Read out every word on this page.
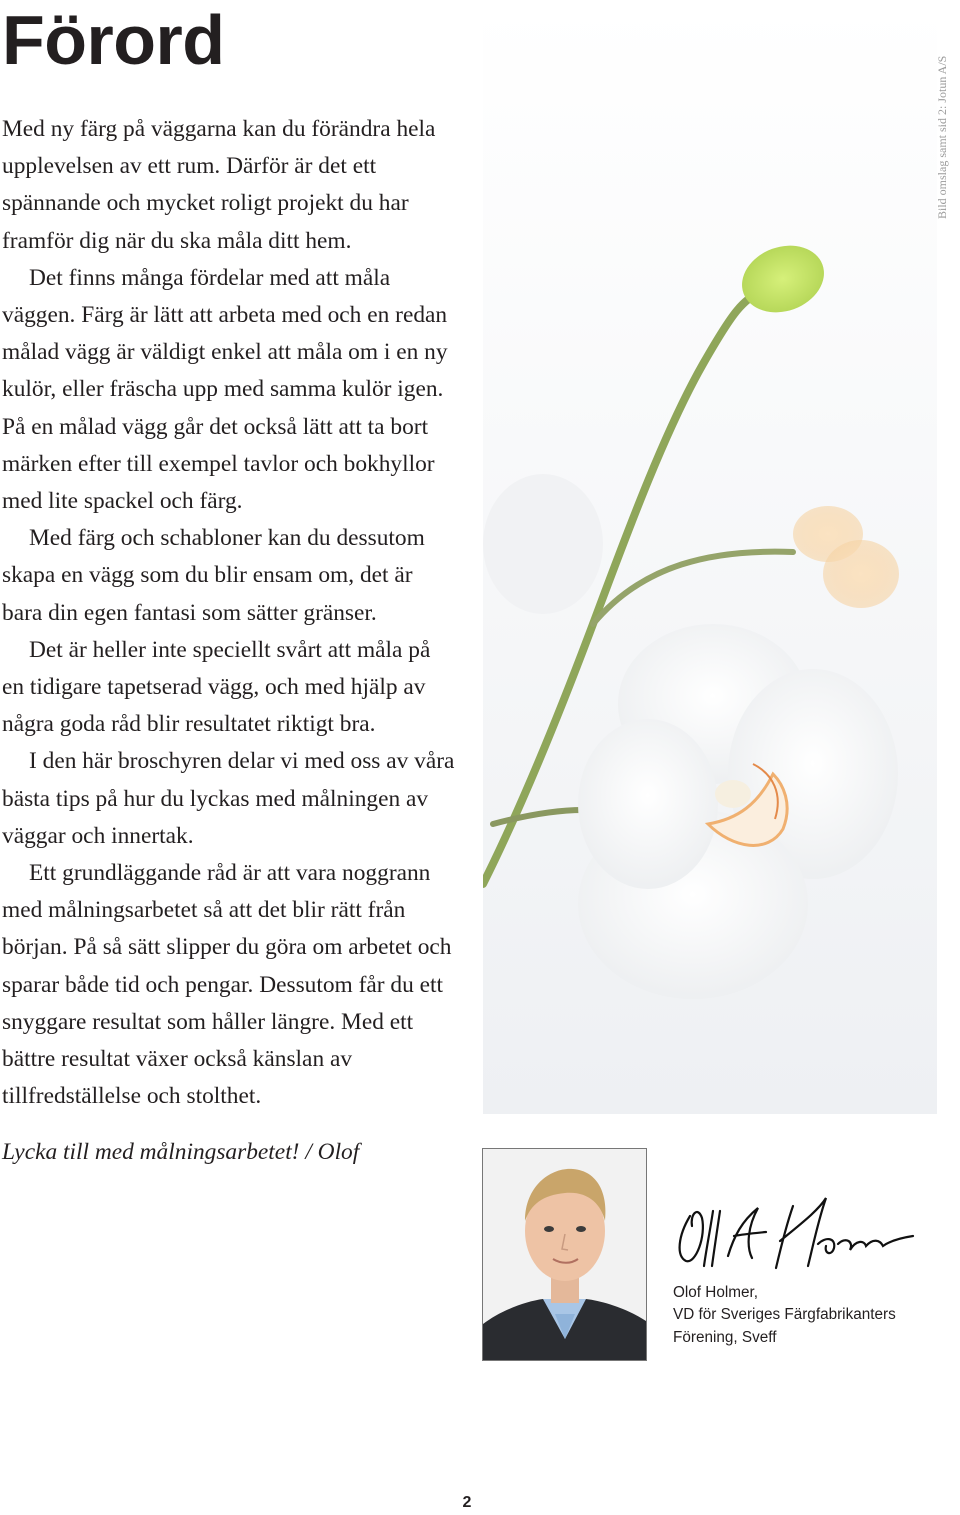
Förord

Med ny färg på väggarna kan du förändra hela upplevelsen av ett rum. Därför är det ett spännande och mycket roligt projekt du har framför dig när du ska måla ditt hem.

Det finns många fördelar med att måla väggen. Färg är lätt att arbeta med och en redan målad vägg är väldigt enkel att måla om i en ny kulör, eller fräscha upp med samma kulör igen. På en målad vägg går det också lätt att ta bort märken efter till exempel tavlor och bokhyllor med lite spackel och färg.

Med färg och schabloner kan du dessutom skapa en vägg som du blir ensam om, det är bara din egen fantasi som sätter gränser.

Det är heller inte speciellt svårt att måla på en tidigare tapetserad vägg, och med hjälp av några goda råd blir resultatet riktigt bra.

I den här broschyren delar vi med oss av våra bästa tips på hur du lyckas med målningen av väggar och innertak.

Ett grundläggande råd är att vara noggrann med målningsarbetet så att det blir rätt från början. På så sätt slipper du göra om arbetet och sparar både tid och pengar. Dessutom får du ett snyggare resultat som håller längre. Med ett bättre resultat växer också känslan av tillfredställelse och stolthet.

Lycka till med målningsarbetet! / Olof

Bild omslag samt sid 2: Jotun A/S
Olof Holmer,
VD för Sveriges Färgfabrikanters
Förening, Sveff
2
